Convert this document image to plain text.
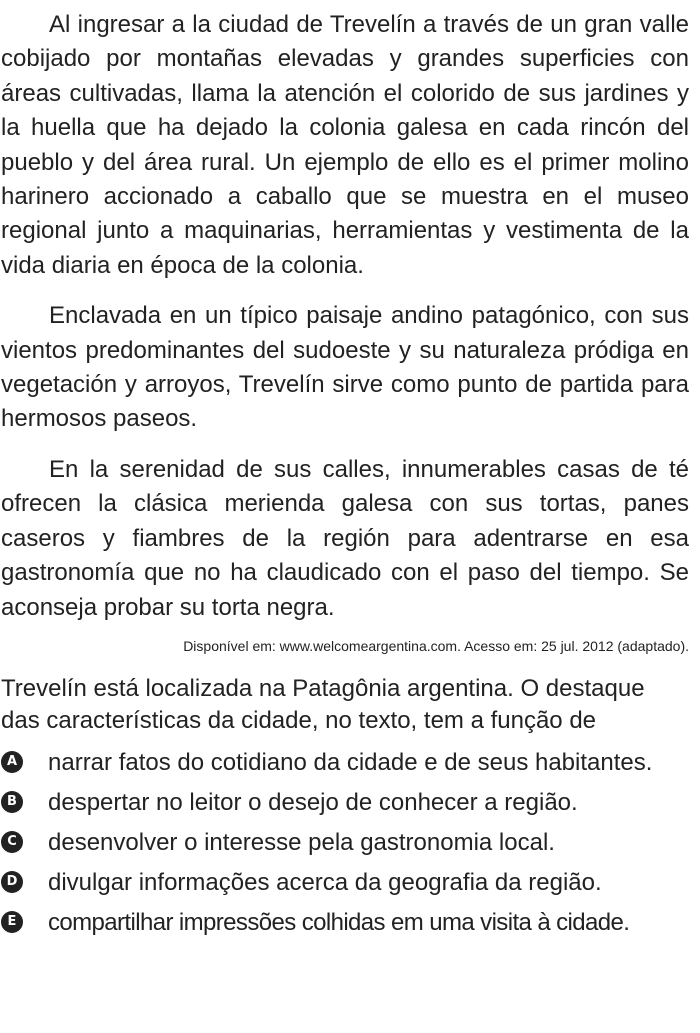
Al ingresar a la ciudad de Trevelín a través de un gran valle cobijado por montañas elevadas y grandes superficies con áreas cultivadas, llama la atención el colorido de sus jardines y la huella que ha dejado la colonia galesa en cada rincón del pueblo y del área rural. Un ejemplo de ello es el primer molino harinero accionado a caballo que se muestra en el museo regional junto a maquinarias, herramientas y vestimenta de la vida diaria en época de la colonia.

Enclavada en un típico paisaje andino patagónico, con sus vientos predominantes del sudoeste y su naturaleza pródiga en vegetación y arroyos, Trevelín sirve como punto de partida para hermosos paseos.

En la serenidad de sus calles, innumerables casas de té ofrecen la clásica merienda galesa con sus tortas, panes caseros y fiambres de la región para adentrarse en esa gastronomía que no ha claudicado con el paso del tiempo. Se aconseja probar su torta negra.

Disponível em: www.welcomeargentina.com. Acesso em: 25 jul. 2012 (adaptado).

Trevelín está localizada na Patagônia argentina. O destaque das características da cidade, no texto, tem a função de

A narrar fatos do cotidiano da cidade e de seus habitantes.
B despertar no leitor o desejo de conhecer a região.
C desenvolver o interesse pela gastronomia local.
D divulgar informações acerca da geografia da região.
E compartilhar impressões colhidas em uma visita à cidade.
